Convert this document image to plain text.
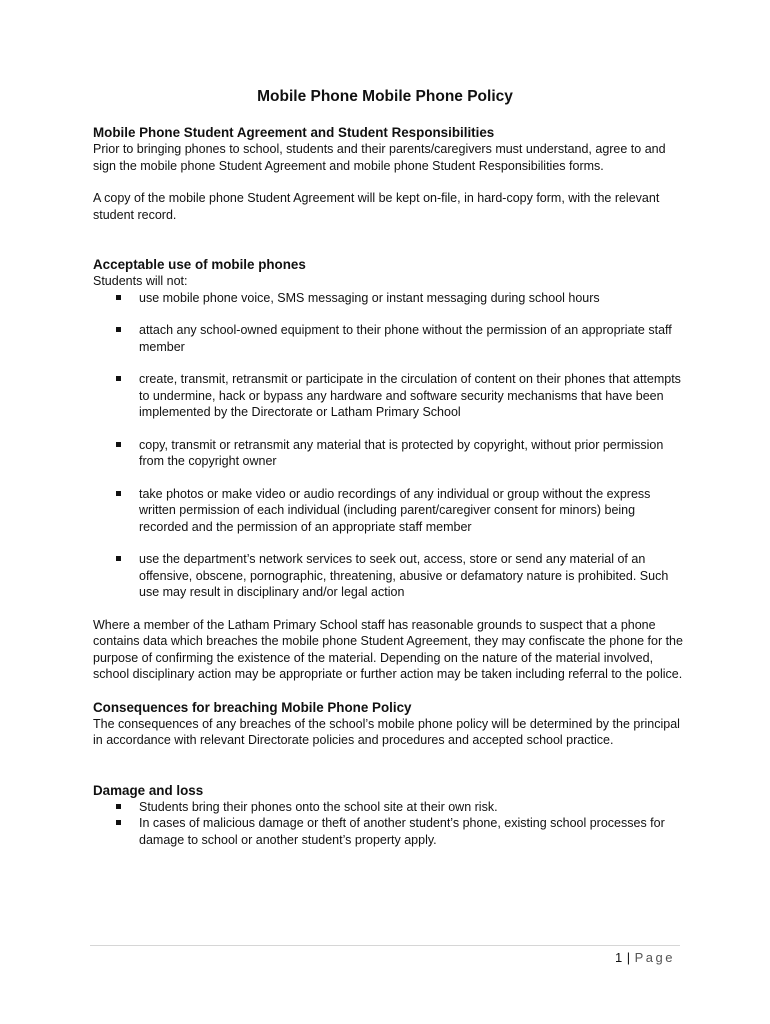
Mobile Phone Mobile Phone Policy
Mobile Phone Student Agreement and Student Responsibilities

Prior to bringing phones to school, students and their parents/caregivers must understand, agree to and sign the mobile phone Student Agreement and mobile phone Student Responsibilities forms.

A copy of the mobile phone Student Agreement will be kept on-file, in hard-copy form, with the relevant student record.

Acceptable use of mobile phones

Students will not:

use mobile phone voice, SMS messaging or instant messaging during school hours
attach any school-owned equipment to their phone without the permission of an appropriate staff member
create, transmit, retransmit or participate in the circulation of content on their phones that attempts to undermine, hack or bypass any hardware and software security mechanisms that have been implemented by the Directorate or Latham Primary School
copy, transmit or retransmit any material that is protected by copyright, without prior permission from the copyright owner
take photos or make video or audio recordings of any individual or group without the express written permission of each individual (including parent/caregiver consent for minors) being recorded and the permission of an appropriate staff member
use the department’s network services to seek out, access, store or send any material of an offensive, obscene, pornographic, threatening, abusive or defamatory nature is prohibited. Such use may result in disciplinary and/or legal action

Where a member of the Latham Primary School staff has reasonable grounds to suspect that a phone contains data which breaches the mobile phone Student Agreement, they may confiscate the phone for the purpose of confirming the existence of the material. Depending on the nature of the material involved, school disciplinary action may be appropriate or further action may be taken including referral to the police.

Consequences for breaching Mobile Phone Policy

The consequences of any breaches of the school’s mobile phone policy will be determined by the principal in accordance with relevant Directorate policies and procedures and accepted school practice.

Damage and loss
Students bring their phones onto the school site at their own risk.
In cases of malicious damage or theft of another student’s phone, existing school processes for damage to school or another student’s property apply.
1 | Page
